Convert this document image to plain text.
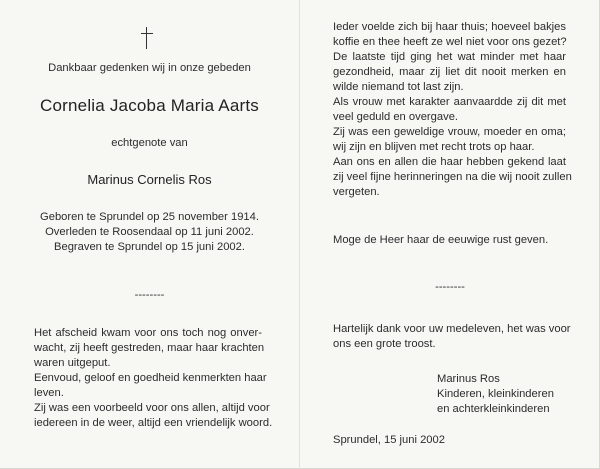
Dankbaar gedenken wij in onze gebeden
Cornelia Jacoba Maria Aarts
echtgenote van
Marinus Cornelis Ros
Geboren te Sprundel op 25 november 1914.
Overleden te Roosendaal op 11 juni 2002.
Begraven te Sprundel op 15 juni 2002.
--------
Het afscheid kwam voor ons toch nog onver-
wacht, zij heeft gestreden, maar haar krachten
waren uitgeput.
Eenvoud, geloof en goedheid kenmerkten haar
leven.
Zij was een voorbeeld voor ons allen, altijd voor
iedereen in de weer, altijd een vriendelijk woord.
Ieder voelde zich bij haar thuis; hoeveel bakjes
koffie en thee heeft ze wel niet voor ons gezet?
De laatste tijd ging het wat minder met haar
gezondheid, maar zij liet dit nooit merken en
wilde niemand tot last zijn.
Als vrouw met karakter aanvaardde zij dit met
veel geduld en overgave.
Zij was een geweldige vrouw, moeder en oma;
wij zijn en blijven met recht trots op haar.
Aan ons en allen die haar hebben gekend laat
zij veel fijne herinneringen na die wij nooit zullen
vergeten.
Moge de Heer haar de eeuwige rust geven.
--------
Hartelijk dank voor uw medeleven, het was voor
ons een grote troost.
Marinus Ros
Kinderen, kleinkinderen
en achterkleinkinderen
Sprundel, 15 juni 2002
